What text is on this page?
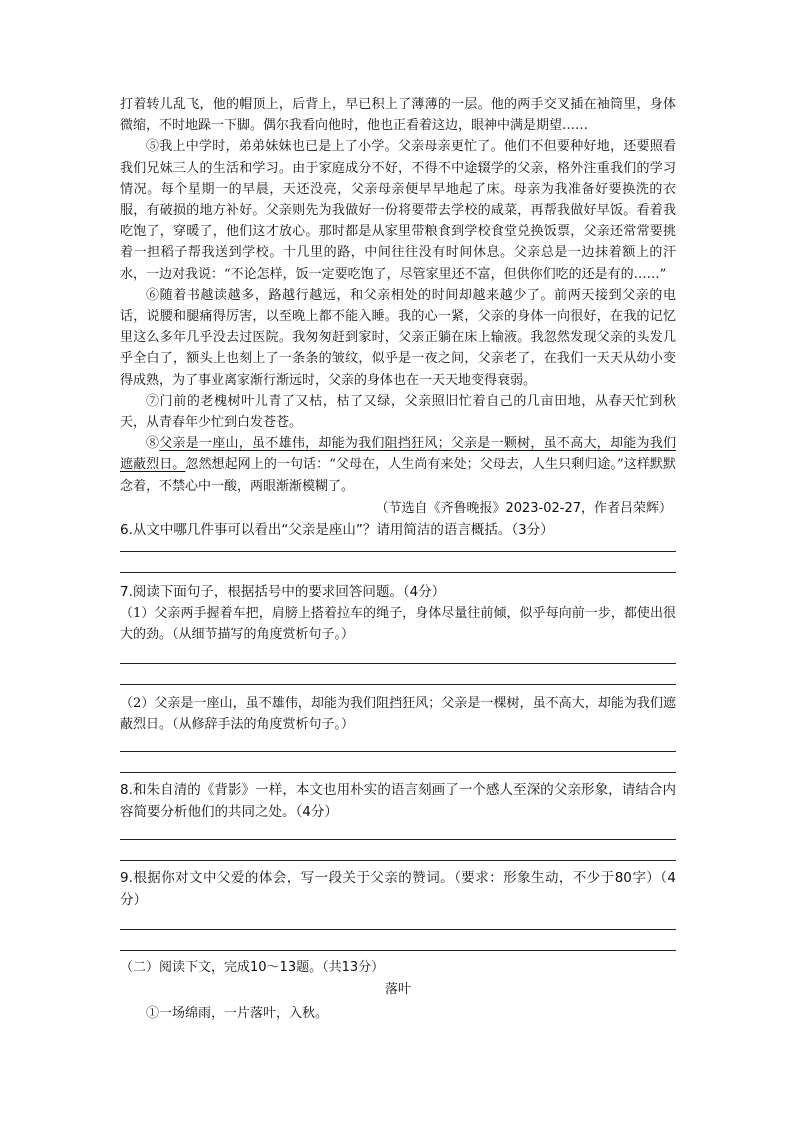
打着转儿乱飞，他的帽顶上，后背上，早已积上了薄薄的一层。他的两手交叉插在袖筒里，身体微缩，不时地跺一下脚。偶尔我看向他时，他也正看着这边，眼神中满是期望……

⑤我上中学时，弟弟妹妹也已是上了小学。父亲母亲更忙了。他们不但要种好地，还要照看我们兄妹三人的生活和学习。由于家庭成分不好，不得不中途辍学的父亲，格外注重我们的学习情况。每个星期一的早晨，天还没亮，父亲母亲便早早地起了床。母亲为我准备好要换洗的衣服，有破损的地方补好。父亲则先为我做好一份将要带去学校的咸菜，再帮我做好早饭。看着我吃饱了，穿暖了，他们这才放心。那时都是从家里带粮食到学校食堂兑换饭票，父亲还常常要挑着一担稻子帮我送到学校。十几里的路，中间往往没有时间休息。父亲总是一边抹着额上的汗水，一边对我说：“不论怎样，饭一定要吃饱了，尽管家里还不富，但供你们吃的还是有的……”

⑥随着书越读越多，路越行越远，和父亲相处的时间却越来越少了。前两天接到父亲的电话，说腰和腿痛得厉害，以至晚上都不能入睡。我的心一紧，父亲的身体一向很好，在我的记忆里这么多年几乎没去过医院。我匆匆赶到家时，父亲正躺在床上输液。我忽然发现父亲的头发几乎全白了，额头上也刻上了一条条的皱纹，似乎是一夜之间，父亲老了，在我们一天天从幼小变得成熟，为了事业离家渐行渐远时，父亲的身体也在一天天地变得衰弱。

⑦门前的老槐树叶儿青了又枯，枯了又绿，父亲照旧忙着自己的几亩田地，从春天忙到秋天，从青春年少忙到白发苍苍。

⑧父亲是一座山，虽不雄伟，却能为我们阻挡狂风；父亲是一颗树，虽不高大，却能为我们遮蔽烈日。忽然想起网上的一句话：“父母在，人生尚有来处；父母去，人生只剩归途。”这样默默念着，不禁心中一酸，两眼渐渐模糊了。

（节选自《齐鲁晚报》2023-02-27，作者吕荣辉）

6.从文中哪几件事可以看出“父亲是座山”？请用简洁的语言概括。（3分）

7.阅读下面句子，根据括号中的要求回答问题。（4分）

（1）父亲两手握着车把，肩膀上搭着拉车的绳子，身体尽量往前倾，似乎每向前一步，都使出很大的劲。（从细节描写的角度赏析句子。）

（2）父亲是一座山，虽不雄伟，却能为我们阻挡狂风；父亲是一棵树，虽不高大，却能为我们遮蔽烈日。（从修辞手法的角度赏析句子。）

8.和朱自清的《背影》一样，本文也用朴实的语言刻画了一个感人至深的父亲形象，请结合内容简要分析他们的共同之处。（4分）

9.根据你对文中父爱的体会，写一段关于父亲的赞词。（要求：形象生动，不少于80字）（4分）

（二）阅读下文，完成10～13题。（共13分）

落叶

①一场绵雨，一片落叶，入秋。
